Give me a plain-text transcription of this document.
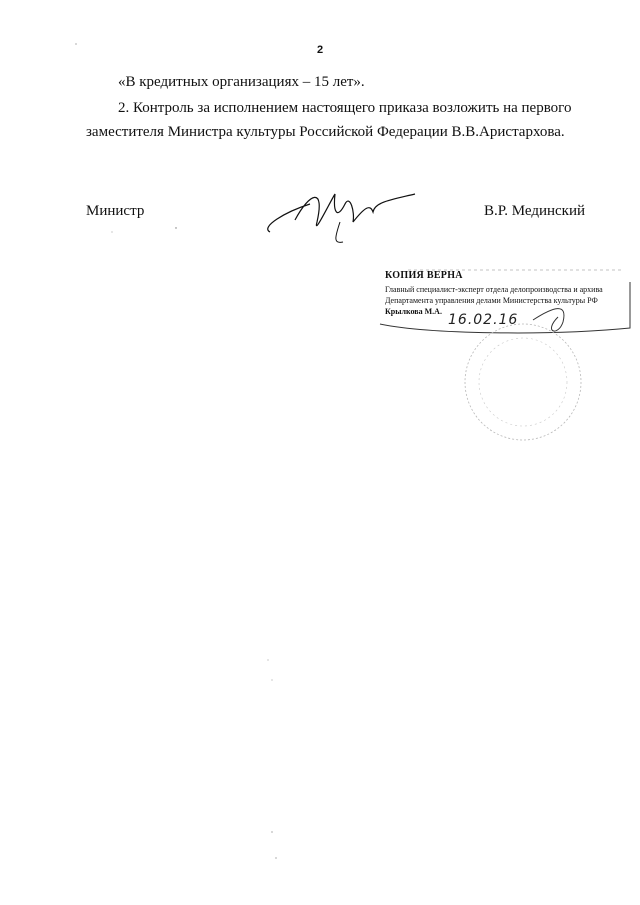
2
«В кредитных организациях – 15 лет».
2. Контроль за исполнением настоящего приказа возложить на первого
заместителя Министра культуры Российской Федерации В.В.Аристархова.
Министр	В.Р. Мединский
КОПИЯ ВЕРНА
Главный специалист-эксперт отдела делопроизводства и архива
Департамента управления делами Министерства культуры РФ
Крылкова М.А.
16.02.16
